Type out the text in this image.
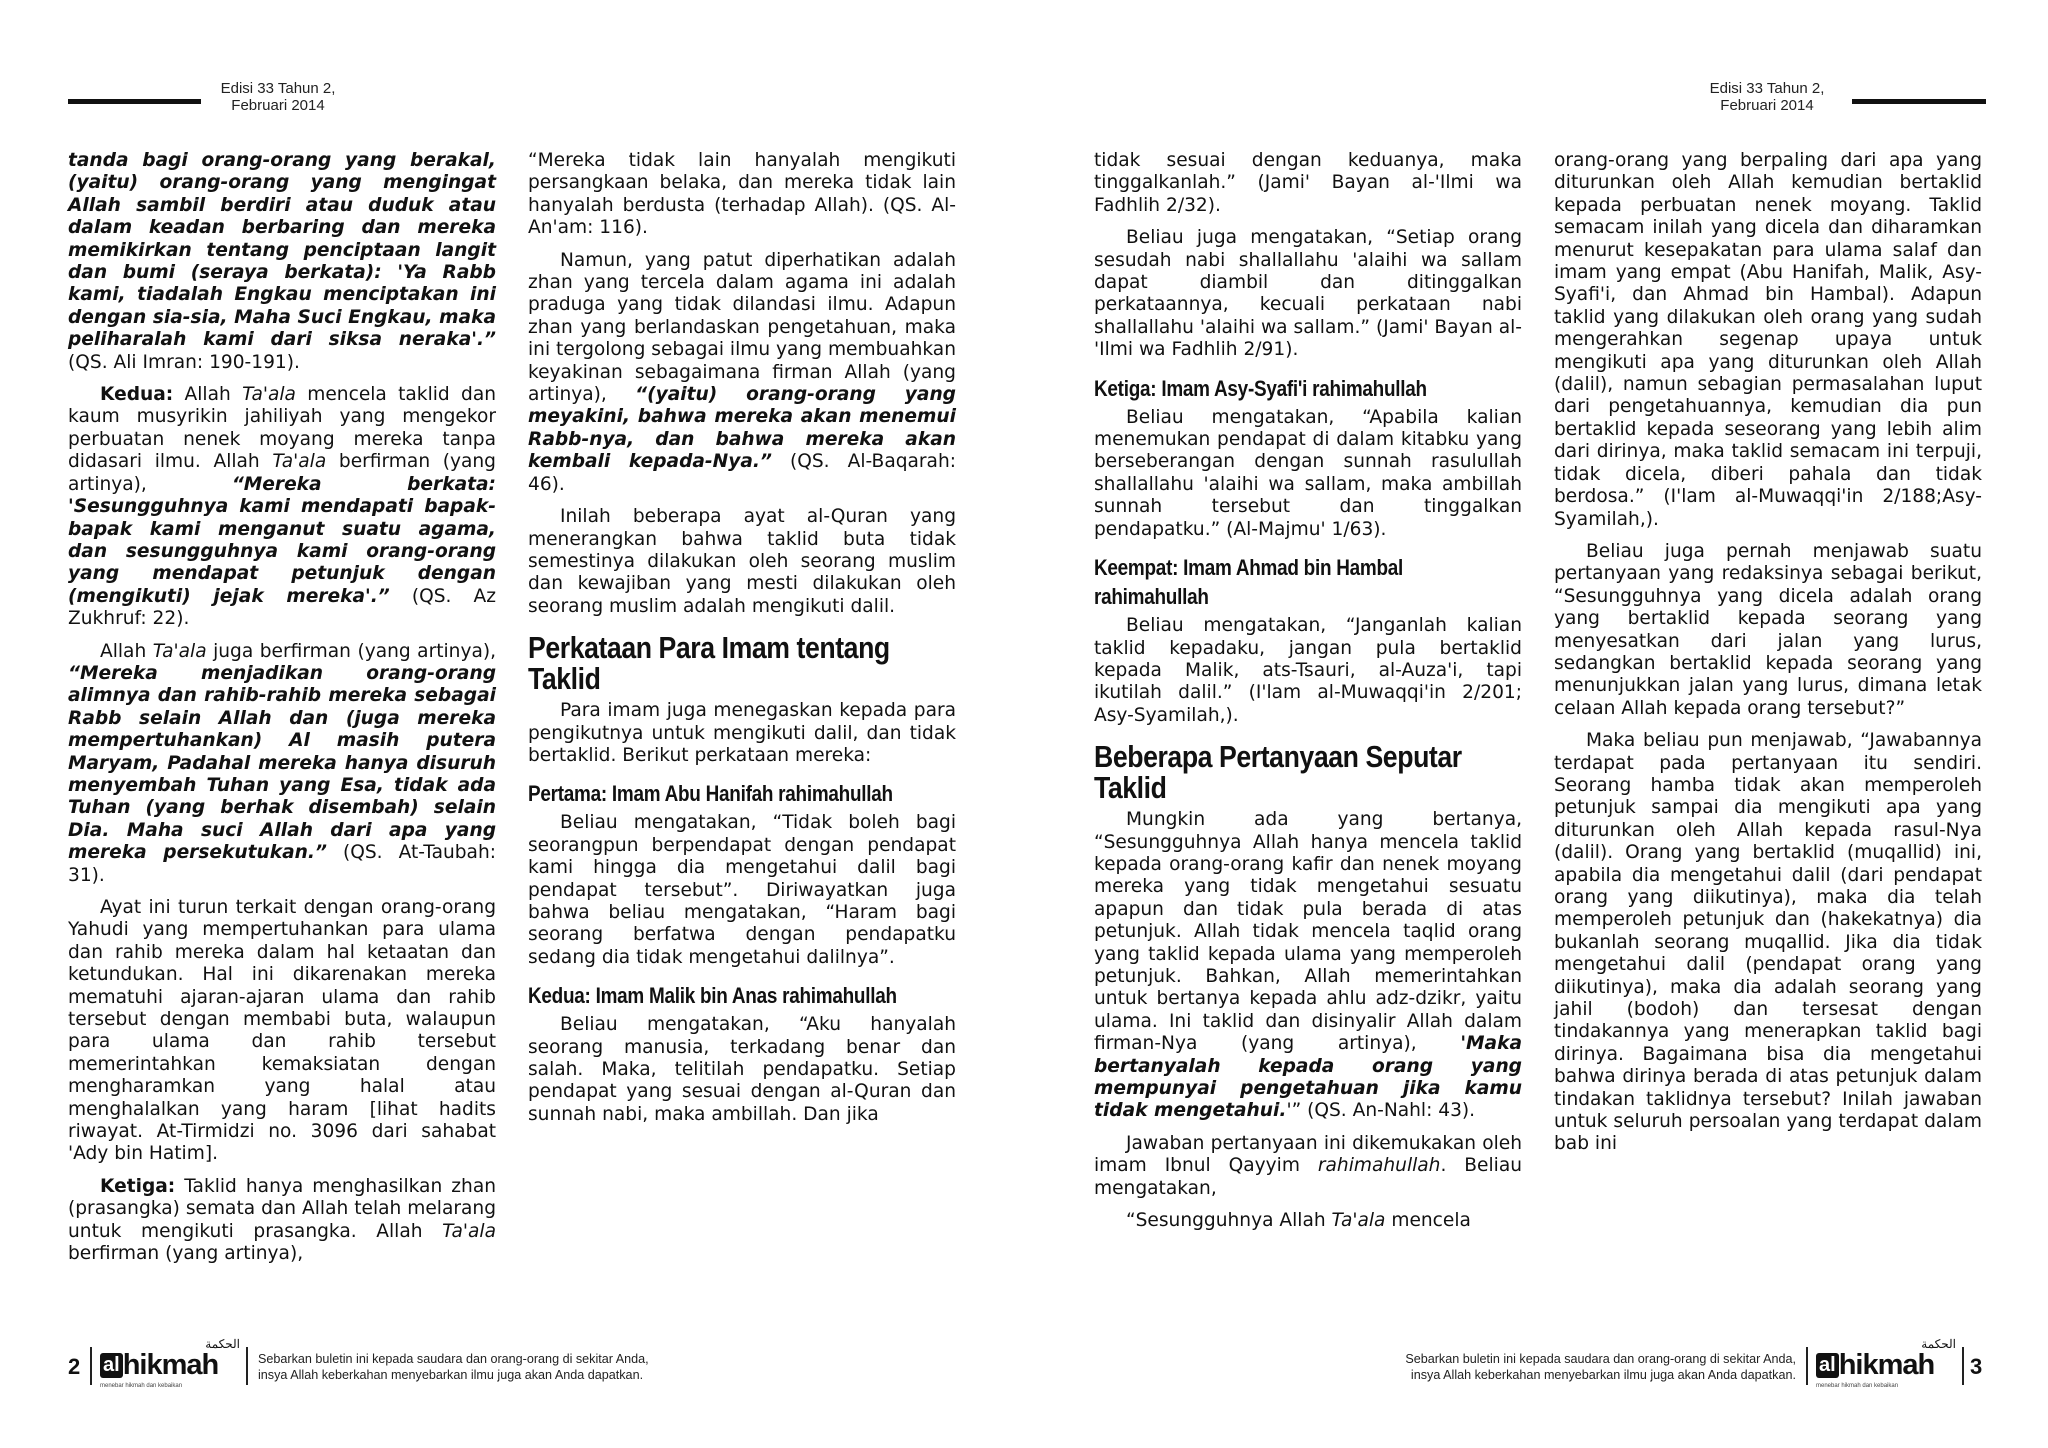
Edisi 33 Tahun 2,
Februari 2014
Edisi 33 Tahun 2,
Februari 2014

tanda bagi orang-orang yang berakal, (yaitu) orang-orang yang mengingat Allah sambil berdiri atau duduk atau dalam keadan berbaring dan mereka memikirkan tentang penciptaan langit dan bumi (seraya berkata): 'Ya Rabb kami, tiadalah Engkau menciptakan ini dengan sia-sia, Maha Suci Engkau, maka peliharalah kami dari siksa neraka'.” (QS. Ali Imran: 190-191).

Kedua: Allah Ta'ala mencela taklid dan kaum musyrikin jahiliyah yang mengekor perbuatan nenek moyang mereka tanpa didasari ilmu. Allah Ta'ala berfirman (yang artinya), “Mereka berkata: 'Sesungguhnya kami mendapati bapak-bapak kami menganut suatu agama, dan sesungguhnya kami orang-orang yang mendapat petunjuk dengan (mengikuti) jejak mereka'.” (QS. Az Zukhruf: 22).

Allah Ta'ala juga berfirman (yang artinya), “Mereka menjadikan orang-orang alimnya dan rahib-rahib mereka sebagai Rabb selain Allah dan (juga mereka mempertuhankan) Al masih putera Maryam, Padahal mereka hanya disuruh menyembah Tuhan yang Esa, tidak ada Tuhan (yang berhak disembah) selain Dia. Maha suci Allah dari apa yang mereka persekutukan.” (QS. At-Taubah: 31).

Ayat ini turun terkait dengan orang-orang Yahudi yang mempertuhankan para ulama dan rahib mereka dalam hal ketaatan dan ketundukan. Hal ini dikarenakan mereka mematuhi ajaran-ajaran ulama dan rahib tersebut dengan membabi buta, walaupun para ulama dan rahib tersebut memerintahkan kemaksiatan dengan mengharamkan yang halal atau menghalalkan yang haram [lihat hadits riwayat. At-Tirmidzi no. 3096 dari sahabat 'Ady bin Hatim].

Ketiga: Taklid hanya menghasilkan zhan (prasangka) semata dan Allah telah melarang untuk mengikuti prasangka. Allah Ta'ala berfirman (yang artinya),

“Mereka tidak lain hanyalah mengikuti persangkaan belaka, dan mereka tidak lain hanyalah berdusta (terhadap Allah). (QS. Al-An'am: 116).

Namun, yang patut diperhatikan adalah zhan yang tercela dalam agama ini adalah praduga yang tidak dilandasi ilmu. Adapun zhan yang berlandaskan pengetahuan, maka ini tergolong sebagai ilmu yang membuahkan keyakinan sebagaimana firman Allah (yang artinya), “(yaitu) orang-orang yang meyakini, bahwa mereka akan menemui Rabb-nya, dan bahwa mereka akan kembali kepada-Nya.” (QS. Al-Baqarah: 46).

Inilah beberapa ayat al-Quran yang menerangkan bahwa taklid buta tidak semestinya dilakukan oleh seorang muslim dan kewajiban yang mesti dilakukan oleh seorang muslim adalah mengikuti dalil.

Perkataan Para Imam tentang Taklid

Para imam juga menegaskan kepada para pengikutnya untuk mengikuti dalil, dan tidak bertaklid. Berikut perkataan mereka:

Pertama: Imam Abu Hanifah rahimahullah

Beliau mengatakan, “Tidak boleh bagi seorangpun berpendapat dengan pendapat kami hingga dia mengetahui dalil bagi pendapat tersebut”. Diriwayatkan juga bahwa beliau mengatakan, “Haram bagi seorang berfatwa dengan pendapatku sedang dia tidak mengetahui dalilnya”.

Kedua: Imam Malik bin Anas rahimahullah

Beliau mengatakan, “Aku hanyalah seorang manusia, terkadang benar dan salah. Maka, telitilah pendapatku. Setiap pendapat yang sesuai dengan al-Quran dan sunnah nabi, maka ambillah. Dan jika

tidak sesuai dengan keduanya, maka tinggalkanlah.” (Jami' Bayan al-'Ilmi wa Fadhlih 2/32).

Beliau juga mengatakan, “Setiap orang sesudah nabi shallallahu 'alaihi wa sallam dapat diambil dan ditinggalkan perkataannya, kecuali perkataan nabi shallallahu 'alaihi wa sallam.” (Jami' Bayan al-'Ilmi wa Fadhlih 2/91).

Ketiga: Imam Asy-Syafi'i rahimahullah

Beliau mengatakan, “Apabila kalian menemukan pendapat di dalam kitabku yang berseberangan dengan sunnah rasulullah shallallahu 'alaihi wa sallam, maka ambillah sunnah tersebut dan tinggalkan pendapatku.” (Al-Majmu' 1/63).

Keempat: Imam Ahmad bin Hambal rahimahullah

Beliau mengatakan, “Janganlah kalian taklid kepadaku, jangan pula bertaklid kepada Malik, ats-Tsauri, al-Auza'i, tapi ikutilah dalil.” (I'lam al-Muwaqqi'in 2/201; Asy-Syamilah,).

Beberapa Pertanyaan Seputar Taklid

Mungkin ada yang bertanya, “Sesungguhnya Allah hanya mencela taklid kepada orang-orang kafir dan nenek moyang mereka yang tidak mengetahui sesuatu apapun dan tidak pula berada di atas petunjuk. Allah tidak mencela taqlid orang yang taklid kepada ulama yang memperoleh petunjuk. Bahkan, Allah memerintahkan untuk bertanya kepada ahlu adz-dzikr, yaitu ulama. Ini taklid dan disinyalir Allah dalam firman-Nya (yang artinya), 'Maka bertanyalah kepada orang yang mempunyai pengetahuan jika kamu tidak mengetahui.'” (QS. An-Nahl: 43).

Jawaban pertanyaan ini dikemukakan oleh imam Ibnul Qayyim rahimahullah. Beliau mengatakan,

“Sesungguhnya Allah Ta'ala mencela

orang-orang yang berpaling dari apa yang diturunkan oleh Allah kemudian bertaklid kepada perbuatan nenek moyang. Taklid semacam inilah yang dicela dan diharamkan menurut kesepakatan para ulama salaf dan imam yang empat (Abu Hanifah, Malik, Asy-Syafi'i, dan Ahmad bin Hambal). Adapun taklid yang dilakukan oleh orang yang sudah mengerahkan segenap upaya untuk mengikuti apa yang diturunkan oleh Allah (dalil), namun sebagian permasalahan luput dari pengetahuannya, kemudian dia pun bertaklid kepada seseorang yang lebih alim dari dirinya, maka taklid semacam ini terpuji, tidak dicela, diberi pahala dan tidak berdosa.” (I'lam al-Muwaqqi'in 2/188;Asy-Syamilah,).

Beliau juga pernah menjawab suatu pertanyaan yang redaksinya sebagai berikut, “Sesungguhnya yang dicela adalah orang yang bertaklid kepada seorang yang menyesatkan dari jalan yang lurus, sedangkan bertaklid kepada seorang yang menunjukkan jalan yang lurus, dimana letak celaan Allah kepada orang tersebut?”

Maka beliau pun menjawab, “Jawabannya terdapat pada pertanyaan itu sendiri. Seorang hamba tidak akan memperoleh petunjuk sampai dia mengikuti apa yang diturunkan oleh Allah kepada rasul-Nya (dalil). Orang yang bertaklid (muqallid) ini, apabila dia mengetahui dalil (dari pendapat orang yang diikutinya), maka dia telah memperoleh petunjuk dan (hakekatnya) dia bukanlah seorang muqallid. Jika dia tidak mengetahui dalil (pendapat orang yang diikutinya), maka dia adalah seorang yang jahil (bodoh) dan tersesat dengan tindakannya yang menerapkan taklid bagi dirinya. Bagaimana bisa dia mengetahui bahwa dirinya berada di atas petunjuk dalam tindakan taklidnya tersebut? Inilah jawaban untuk seluruh persoalan yang terdapat dalam bab ini

2 al hikmah
الحكمة
menebar hikmah dan kebaikan
Sebarkan buletin ini kepada saudara dan orang-orang di sekitar Anda,
insya Allah keberkahan menyebarkan ilmu juga akan Anda dapatkan.
Sebarkan buletin ini kepada saudara dan orang-orang di sekitar Anda,
insya Allah keberkahan menyebarkan ilmu juga akan Anda dapatkan. al hikmah
الحكمة
menebar hikmah dan kebaikan
3
